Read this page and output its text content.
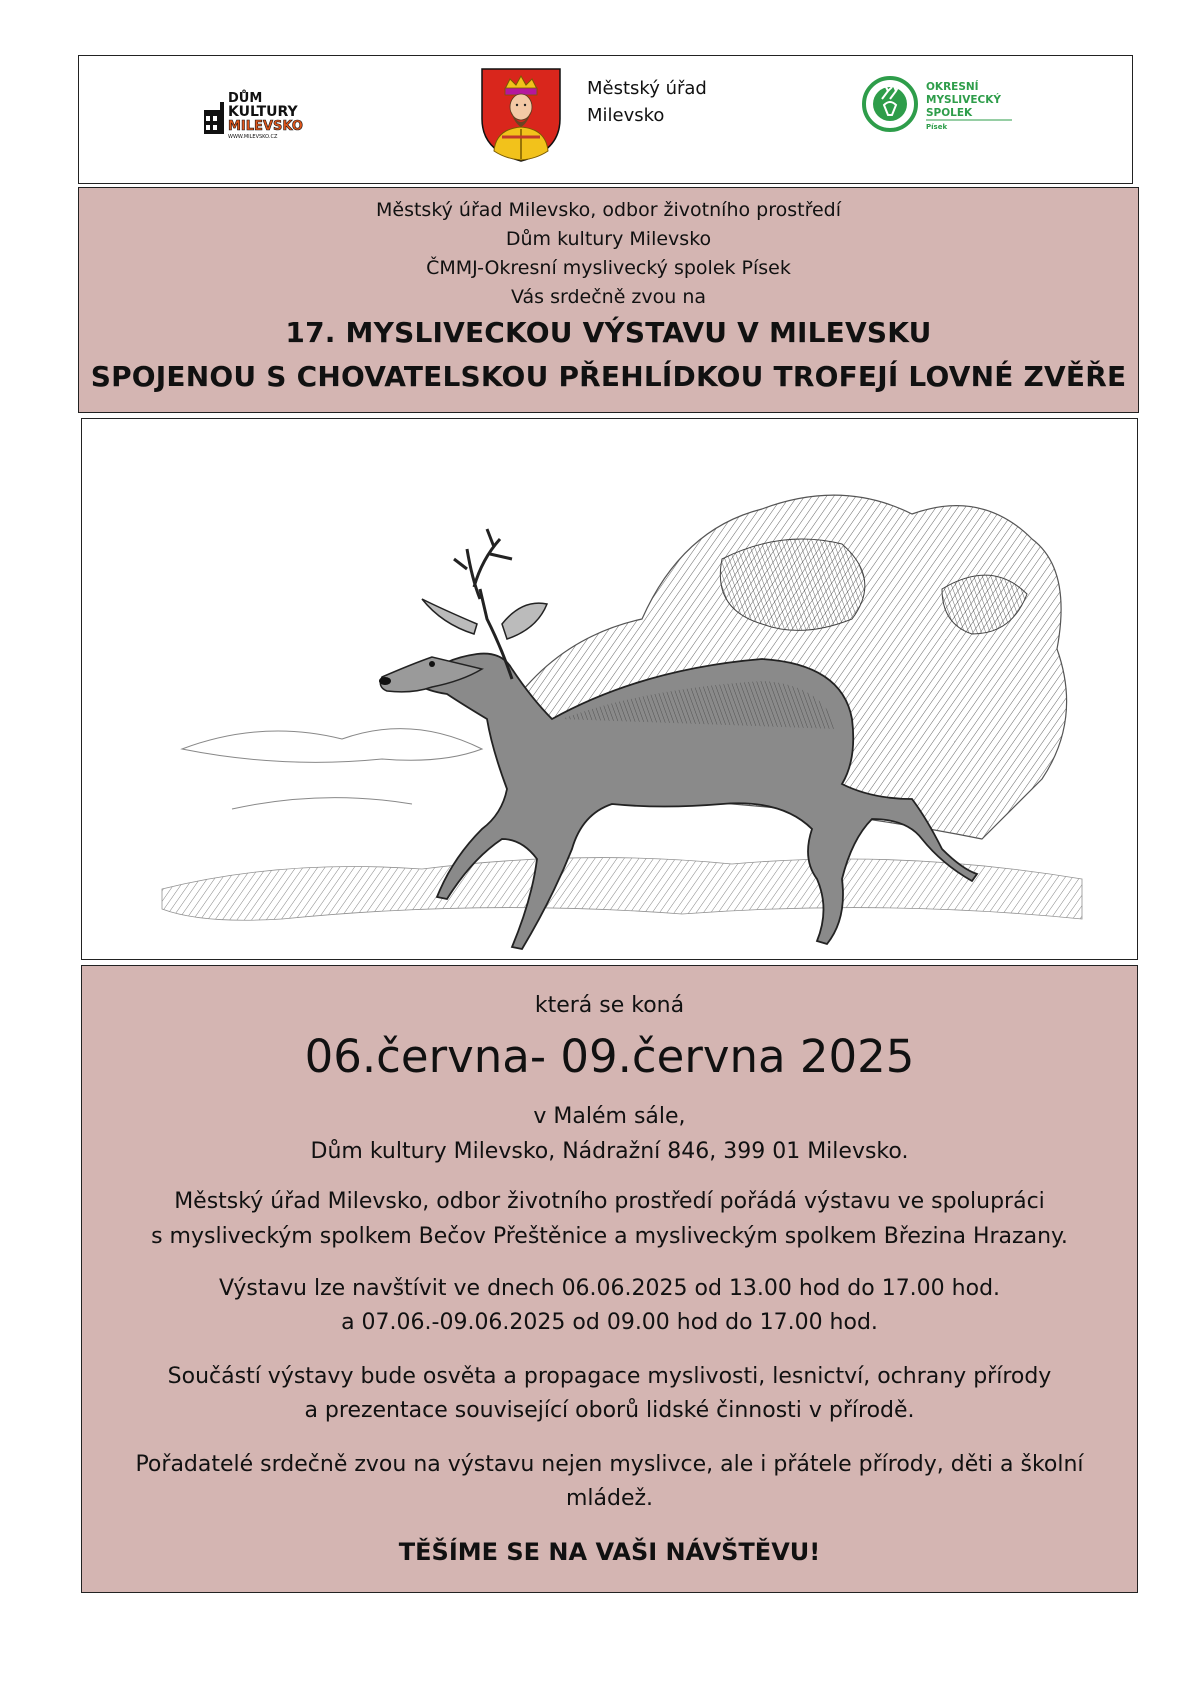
DŮM
KULTURY
MILEVSKO
WWW.MILEVSKO.CZ
Městský úřad
Milevsko
OKRESNÍ
MYSLIVECKÝ
SPOLEK
Písek
Městský úřad Milevsko, odbor životního prostředí
Dům kultury Milevsko
ČMMJ-Okresní myslivecký spolek Písek
Vás srdečně zvou na
17. MYSLIVECKOU VÝSTAVU V MILEVSKU
SPOJENOU S CHOVATELSKOU PŘEHLÍDKOU TROFEJÍ LOVNÉ ZVĚŘE
která se koná
06.června- 09.června 2025
v Malém sále,
Dům kultury Milevsko, Nádražní 846, 399 01 Milevsko.
Městský úřad Milevsko, odbor životního prostředí pořádá výstavu ve spolupráci
s mysliveckým spolkem Bečov Přeštěnice a mysliveckým spolkem Březina Hrazany.
Výstavu lze navštívit ve dnech 06.06.2025 od 13.00 hod do 17.00 hod.
a 07.06.-09.06.2025 od 09.00 hod do 17.00 hod.
Součástí výstavy bude osvěta a propagace myslivosti, lesnictví, ochrany přírody
a prezentace související oborů lidské činnosti v přírodě.
Pořadatelé srdečně zvou na výstavu nejen myslivce, ale i přátele přírody, děti a školní
mládež.
TĚŠÍME SE NA VAŠI NÁVŠTĚVU!
